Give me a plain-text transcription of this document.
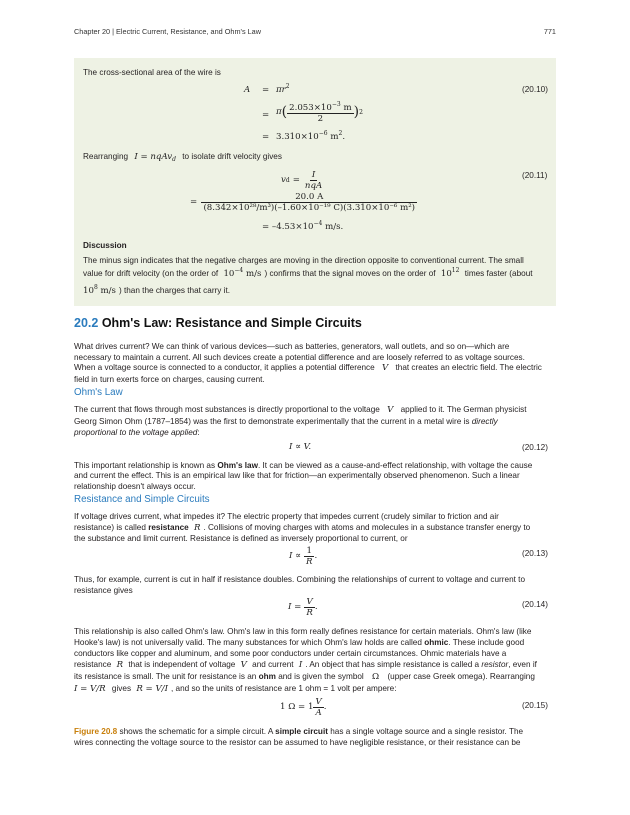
Chapter 20 | Electric Current, Resistance, and Ohm's Law	771
The cross-sectional area of the wire is
$A = \pi r^2$	(20.10)
= π ( $\frac{2.053\times 10^{-3} m}{2}$ ) 2
= $3.310\times 10^{-6}$ $m^2$.
Rearranging I = nqAv$_d$ to isolate drift velocity gives
v $d = \frac{I}{\text{nqA}}$	(20.11)
= $\frac{20.0 A}{\text{(8.342×10²⁸/m³)(–1.60×10⁻¹⁹ C)(3.310×10⁻⁶ m²)}}$
= $-4.53\times 10^{-4}$ m/s.
Discussion
The minus sign indicates that the negative charges are moving in the direction opposite to conventional current. The small
value for drift velocity (on the order of $10^{-4}$ m/s ) confirms that the signal moves on the order of $10^{12}$ times faster (about
$10^8$ m/s ) than the charges that carry it.
20.2 Ohm's Law: Resistance and Simple Circuits
What drives current? We can think of various devices—such as batteries, generators, wall outlets, and so on—which are
necessary to maintain a current. All such devices create a potential difference and are loosely referred to as voltage sources.
When a voltage source is connected to a conductor, it applies a potential difference V that creates an electric field. The electric
field in turn exerts force on charges, causing current.
Ohm's Law
The current that flows through most substances is directly proportional to the voltage V applied to it. The German physicist
Georg Simon Ohm (1787–1854) was the first to demonstrate experimentally that the current in a metal wire is directly
proportional to the voltage applied:
I ∝ V.	(20.12)
This important relationship is known as Ohm's law. It can be viewed as a cause-and-effect relationship, with voltage the cause
and current the effect. This is an empirical law like that for friction—an experimentally observed phenomenon. Such a linear
relationship doesn't always occur.
Resistance and Simple Circuits
If voltage drives current, what impedes it? The electric property that impedes current (crudely similar to friction and air
resistance) is called resistance R . Collisions of moving charges with atoms and molecules in a substance transfer energy to
the substance and limit current. Resistance is defined as inversely proportional to current, or
$I \propto \frac{1}{R}$ .	(20.13)
Thus, for example, current is cut in half if resistance doubles. Combining the relationships of current to voltage and current to
resistance gives
$I = \frac{V}{R}$ .	(20.14)
This relationship is also called Ohm's law. Ohm's law in this form really defines resistance for certain materials. Ohm's law (like
Hooke's law) is not universally valid. The many substances for which Ohm's law holds are called ohmic. These include good
conductors like copper and aluminum, and some poor conductors under certain circumstances. Ohmic materials have a
resistance R that is independent of voltage V and current I . An object that has simple resistance is called a resistor, even if
its resistance is small. The unit for resistance is an ohm and is given the symbol Ω (upper case Greek omega). Rearranging
I = V/R gives R = V/I , and so the units of resistance are 1 ohm = 1 volt per ampere:
1 $\Omega = 1 \frac{V}{A}$ .	(20.15)
Figure 20.8 shows the schematic for a simple circuit. A simple circuit has a single voltage source and a single resistor. The
wires connecting the voltage source to the resistor can be assumed to have negligible resistance, or their resistance can be
